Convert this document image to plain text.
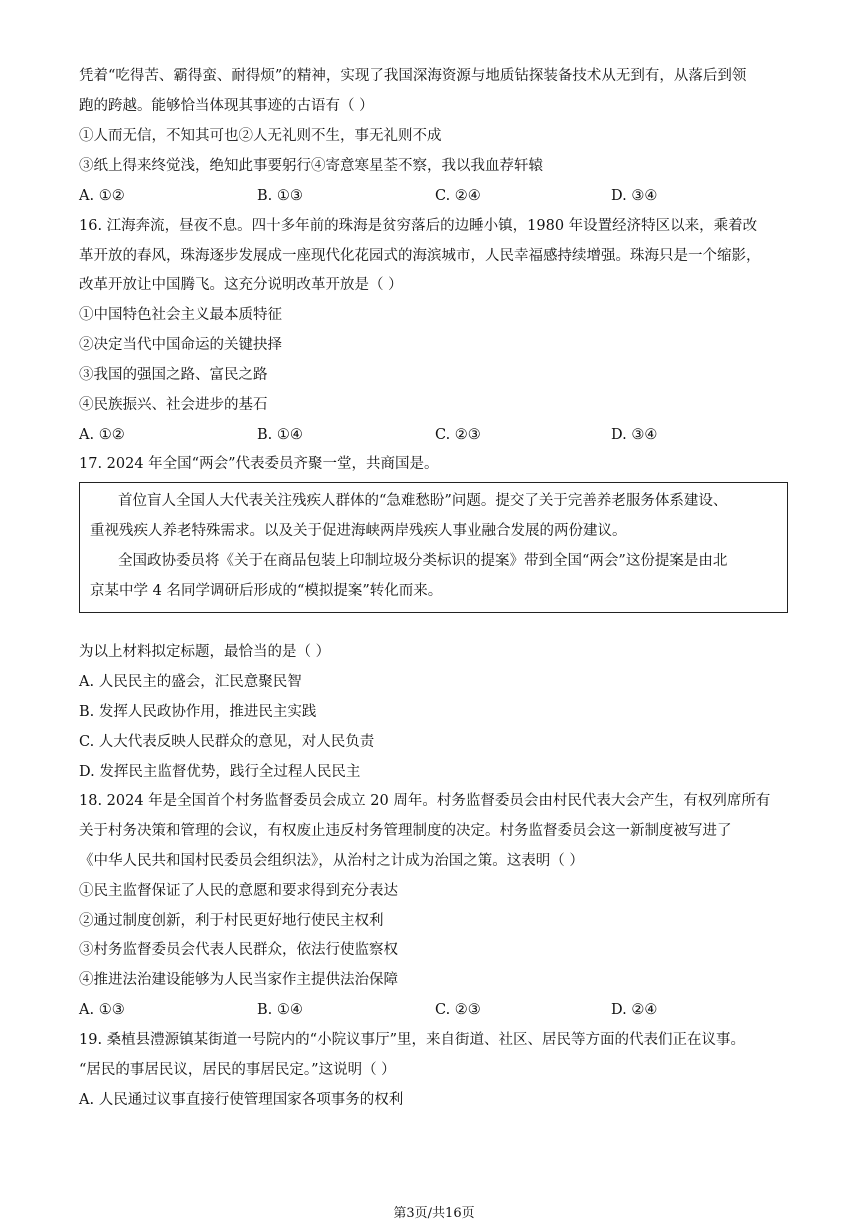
凭着“吃得苦、霸得蛮、耐得烦”的精神，实现了我国深海资源与地质钻探装备技术从无到有，从落后到领
跑的跨越。能够恰当体现其事迹的古语有（ ）
①人而无信，不知其可也②人无礼则不生，事无礼则不成
③纸上得来终觉浅，绝知此事要躬行④寄意寒星荃不察，我以我血荐轩辕
A. ①②	B. ①③	C. ②④	D. ③④
16. 江海奔流，昼夜不息。四十多年前的珠海是贫穷落后的边睡小镇，1980 年设置经济特区以来，乘着改
革开放的春风，珠海逐步发展成一座现代化花园式的海滨城市，人民幸福感持续增强。珠海只是一个缩影，
改革开放让中国腾飞。这充分说明改革开放是（ ）
①中国特色社会主义最本质特征
②决定当代中国命运的关键抉择
③我国的强国之路、富民之路
④民族振兴、社会进步的基石
A. ①②	B. ①④	C. ②③	D. ③④
17. 2024 年全国“两会”代表委员齐聚一堂，共商国是。
首位盲人全国人大代表关注残疾人群体的“急难愁盼”问题。提交了关于完善养老服务体系建设、
重视残疾人养老特殊需求。以及关于促进海峡两岸残疾人事业融合发展的两份建议。
全国政协委员将《关于在商品包装上印制垃圾分类标识的提案》带到全国“两会”这份提案是由北
京某中学 4 名同学调研后形成的“模拟提案”转化而来。
为以上材料拟定标题，最恰当的是（ ）
A. 人民民主的盛会，汇民意聚民智
B. 发挥人民政协作用，推进民主实践
C. 人大代表反映人民群众的意见，对人民负责
D. 发挥民主监督优势，践行全过程人民民主
18. 2024 年是全国首个村务监督委员会成立 20 周年。村务监督委员会由村民代表大会产生，有权列席所有
关于村务决策和管理的会议，有权废止违反村务管理制度的决定。村务监督委员会这一新制度被写进了
《中华人民共和国村民委员会组织法》，从治村之计成为治国之策。这表明（ ）
①民主监督保证了人民的意愿和要求得到充分表达
②通过制度创新，利于村民更好地行使民主权利
③村务监督委员会代表人民群众，依法行使监察权
④推进法治建设能够为人民当家作主提供法治保障
A. ①③	B. ①④	C. ②③	D. ②④
19. 桑植县澧源镇某街道一号院内的“小院议事厅”里，来自街道、社区、居民等方面的代表们正在议事。
“居民的事居民议，居民的事居民定。”这说明（ ）
A. 人民通过议事直接行使管理国家各项事务的权利
第3页/共16页
